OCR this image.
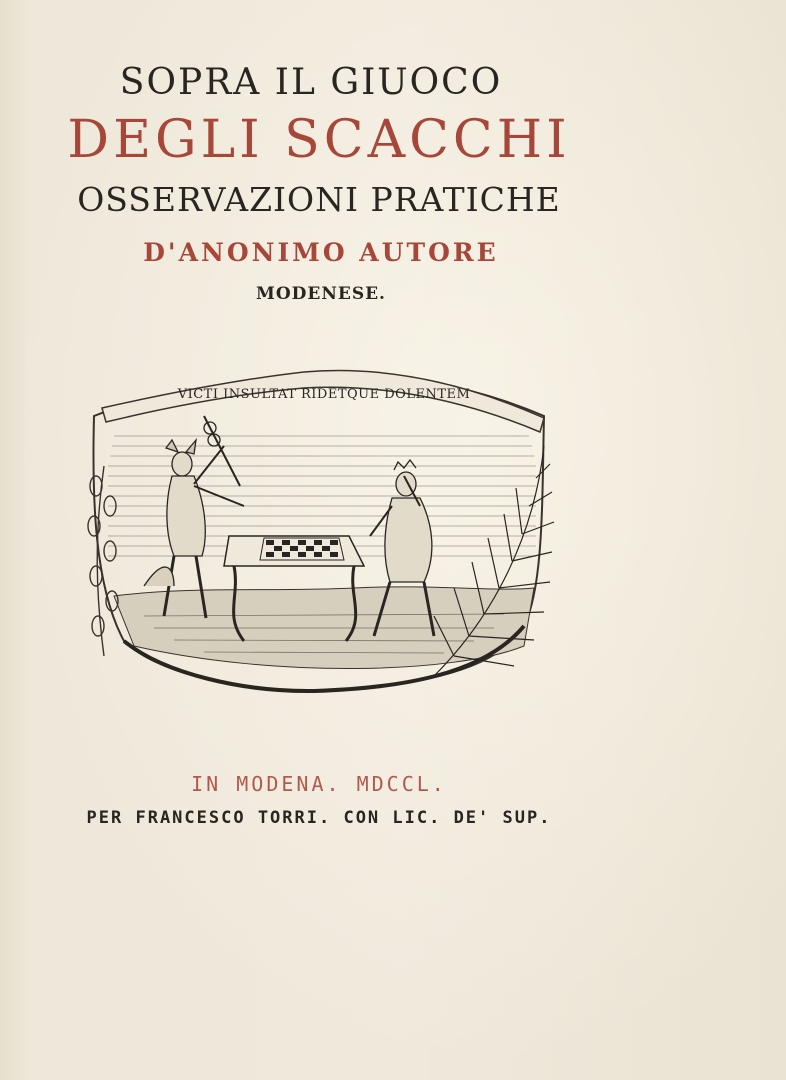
SOPRA IL GIUOCO
DEGLI SCACCHI
OSSERVAZIONI PRATICHE
D'ANONIMO AUTORE
MODENESE.
VICTI INSULTAT RIDETQUE DOLENTEM
IN MODENA. MDCCL.
PER FRANCESCO TORRI. CON LIC. DE' SUP.
